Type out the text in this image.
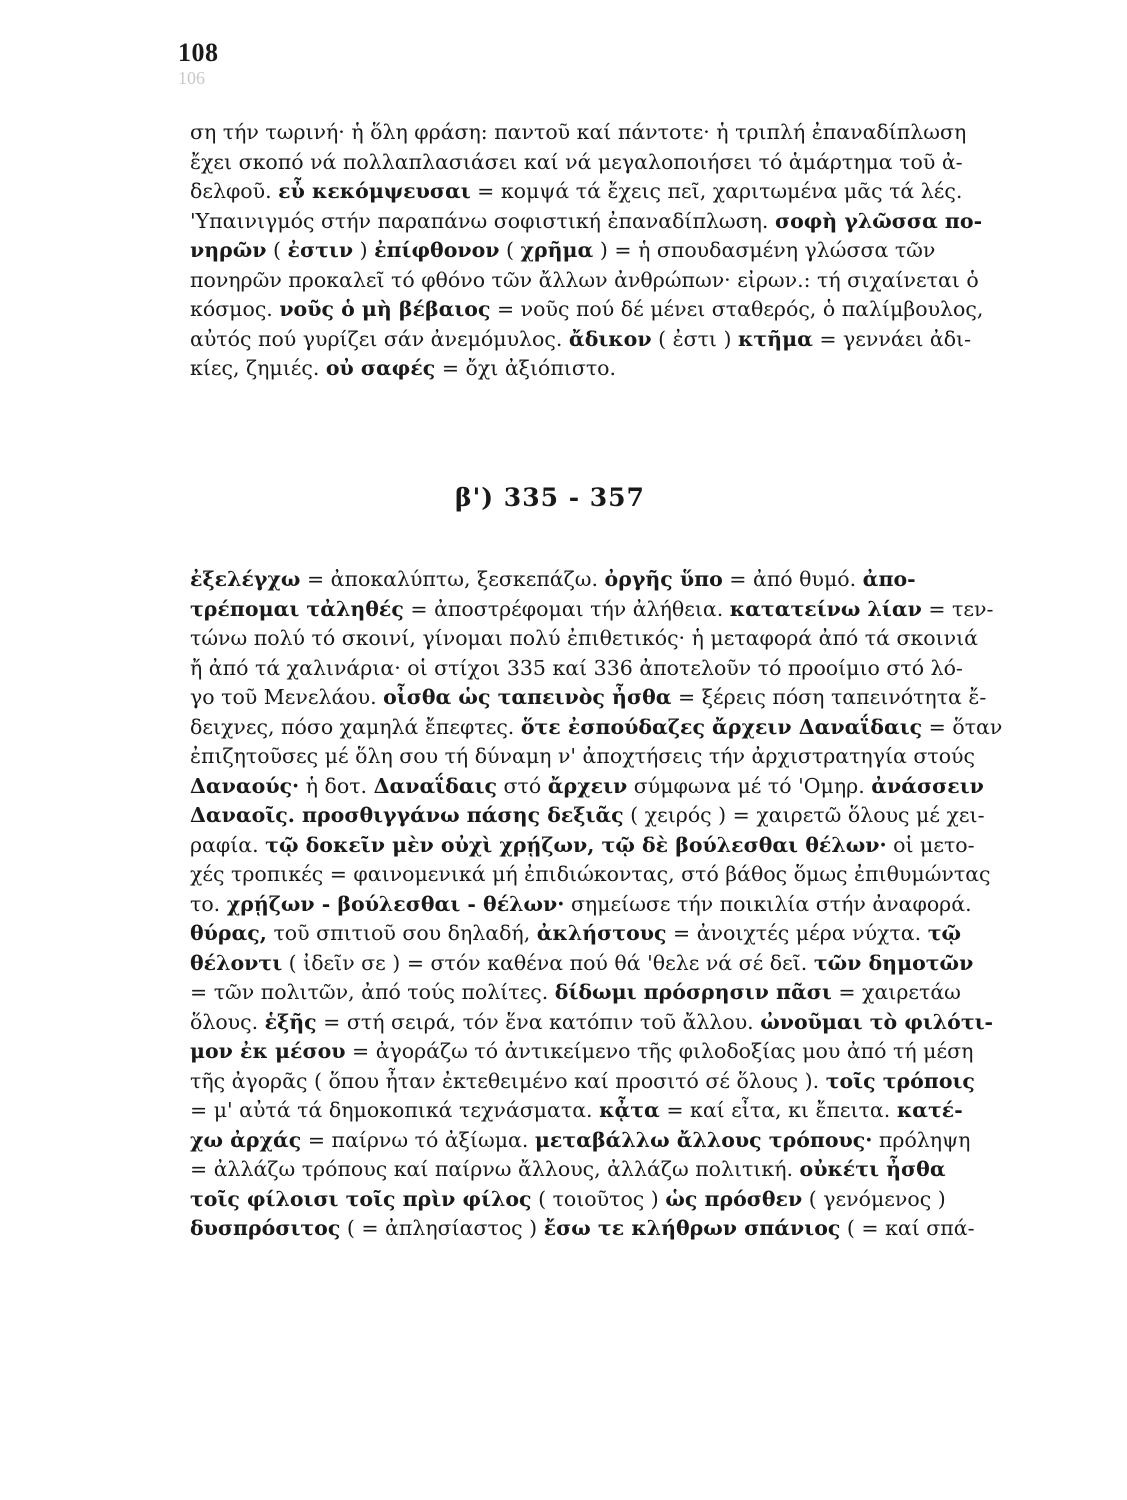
106
108
ση τήν τωρινή· ἡ ὅλη φράση: παντοῦ καί πάντοτε· ἡ τριπλή ἐπαναδίπλωση
ἔχει σκοπό νά πολλαπλασιάσει καί νά μεγαλοποιήσει τό ἁμάρτημα τοῦ ἀ-
δελφοῦ. εὖ κεκόμψευσαι = κομψά τά ἔχεις πεῖ, χαριτωμένα μᾶς τά λές.
'Υπαινιγμός στήν παραπάνω σοφιστική ἐπαναδίπλωση. σοφὴ γλῶσσα πο-
νηρῶν ( ἐστιν ) ἐπίφθονον ( χρῆμα ) = ἡ σπουδασμένη γλώσσα τῶν
πονηρῶν προκαλεῖ τό φθόνο τῶν ἄλλων ἀνθρώπων· εἰρων.: τή σιχαίνεται ὁ
κόσμος. νοῦς ὁ μὴ βέβαιος = νοῦς πού δέ μένει σταθερός, ὁ παλίμβουλος,
αὐτός πού γυρίζει σάν ἀνεμόμυλος. ἄδικον ( ἐστι ) κτῆμα = γεννάει ἀδι-
κίες, ζημιές. οὐ σαφές = ὄχι ἀξιόπιστο.
β') 335 - 357
ἐξελέγχω = ἀποκαλύπτω, ξεσκεπάζω. ὀργῆς ὕπο = ἀπό θυμό. ἀπο-
τρέπομαι τἀληθές = ἀποστρέφομαι τήν ἀλήθεια. κατατείνω λίαν = τεν-
τώνω πολύ τό σκοινί, γίνομαι πολύ ἐπιθετικός· ἡ μεταφορά ἀπό τά σκοινιά
ἤ ἀπό τά χαλινάρια· οἱ στίχοι 335 καί 336 ἀποτελοῦν τό προοίμιο στό λό-
γο τοῦ Μενελάου. οἶσθα ὡς ταπεινὸς ἦσθα = ξέρεις πόση ταπεινότητα ἔ-
δειχνες, πόσο χαμηλά ἔπεφτες. ὅτε ἐσπούδαζες ἄρχειν Δαναΐδαις = ὅταν
ἐπιζητοῦσες μέ ὅλη σου τή δύναμη ν' ἀποχτήσεις τήν ἀρχιστρατηγία στούς
Δαναούς· ἡ δοτ. Δαναΐδαις στό ἄρχειν σύμφωνα μέ τό 'Ομηρ. ἀνάσσειν
Δαναοῖς. προσθιγγάνω πάσης δεξιᾶς ( χειρός ) = χαιρετῶ ὅλους μέ χει-
ραφία. τῷ δοκεῖν μὲν οὐχὶ χρῄζων, τῷ δὲ βούλεσθαι θέλων· οἱ μετο-
χές τροπικές = φαινομενικά μή ἐπιδιώκοντας, στό βάθος ὅμως ἐπιθυμώντας
το. χρῄζων - βούλεσθαι - θέλων· σημείωσε τήν ποικιλία στήν ἀναφορά.
θύρας, τοῦ σπιτιοῦ σου δηλαδή, ἀκλήστους = ἀνοιχτές μέρα νύχτα. τῷ
θέλοντι ( ἰδεῖν σε ) = στόν καθένα πού θά 'θελε νά σέ δεῖ. τῶν δημοτῶν
= τῶν πολιτῶν, ἀπό τούς πολίτες. δίδωμι πρόσρησιν πᾶσι = χαιρετάω
ὅλους. ἑξῆς = στή σειρά, τόν ἕνα κατόπιν τοῦ ἄλλου. ὠνοῦμαι τὸ φιλότι-
μον ἐκ μέσου = ἀγοράζω τό ἀντικείμενο τῆς φιλοδοξίας μου ἀπό τή μέση
τῆς ἀγορᾶς ( ὅπου ἦταν ἐκτεθειμένο καί προσιτό σέ ὅλους ). τοῖς τρόποις
= μ' αὐτά τά δημοκοπικά τεχνάσματα. κᾆτα = καί εἶτα, κι ἔπειτα. κατέ-
χω ἀρχάς = παίρνω τό ἀξίωμα. μεταβάλλω ἄλλους τρόπους· πρόληψη
= ἀλλάζω τρόπους καί παίρνω ἄλλους, ἀλλάζω πολιτική. οὐκέτι ἦσθα
τοῖς φίλοισι τοῖς πρὶν φίλος ( τοιοῦτος ) ὡς πρόσθεν ( γενόμενος )
δυσπρόσιτος ( = ἀπλησίαστος ) ἔσω τε κλήθρων σπάνιος ( = καί σπά-
